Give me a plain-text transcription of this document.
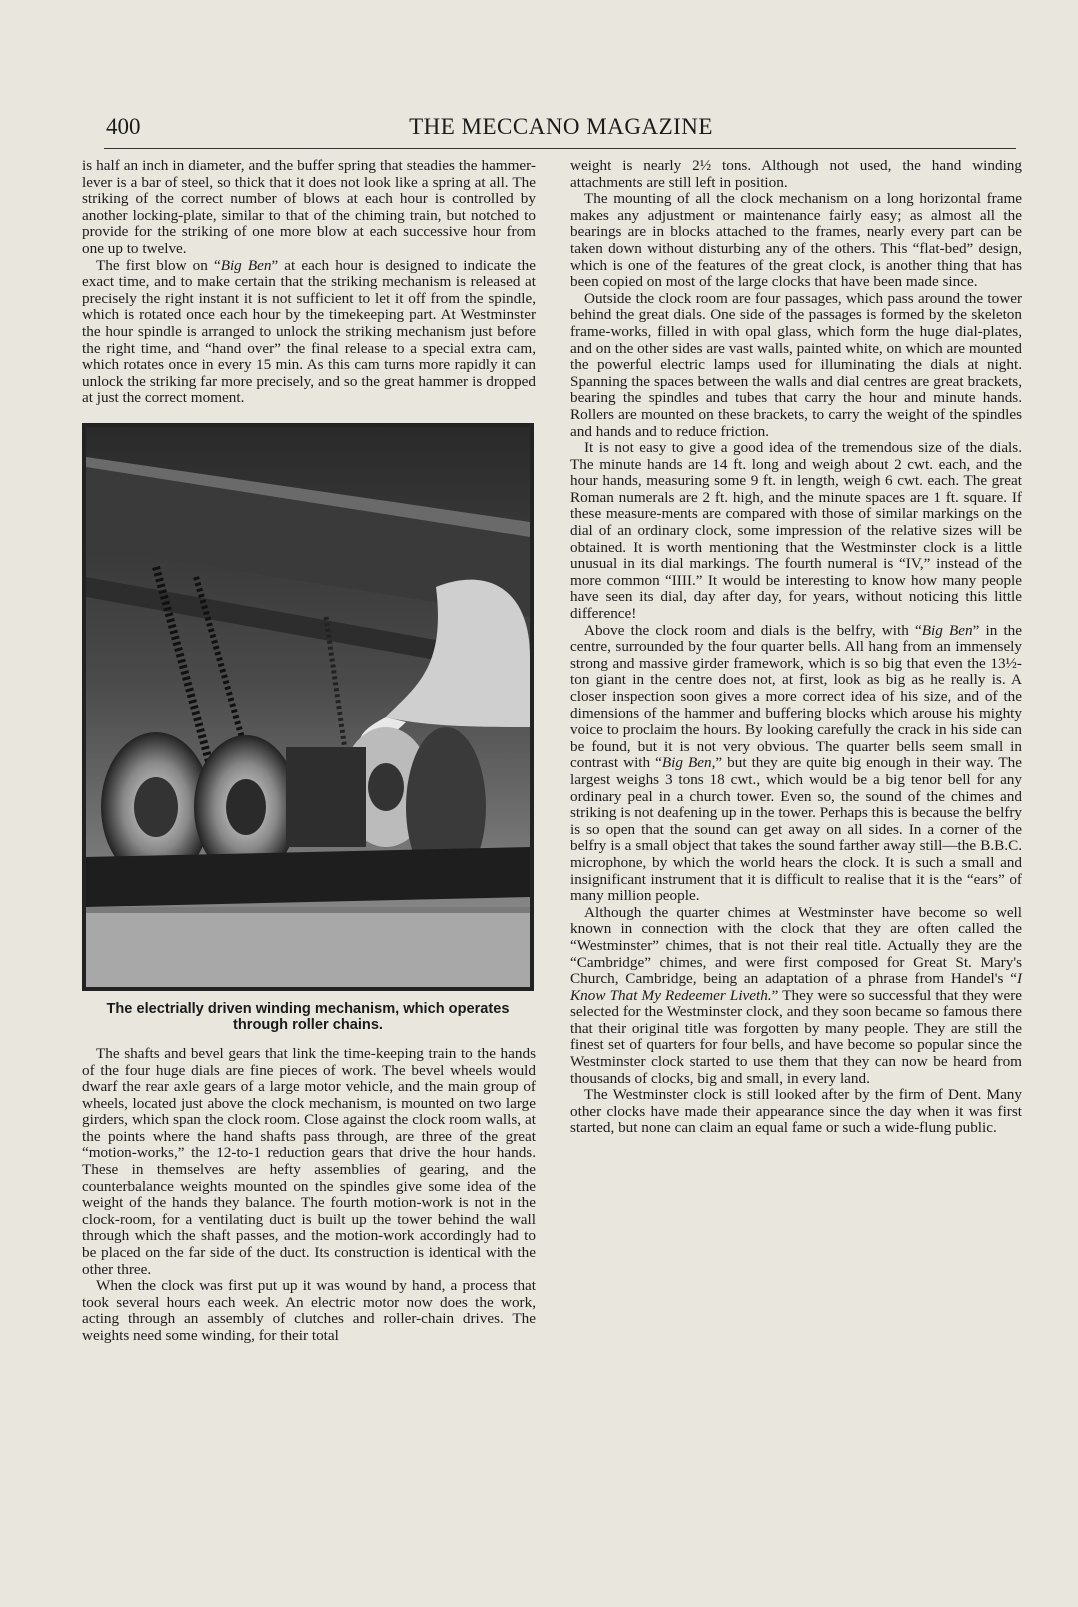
400	THE MECCANO MAGAZINE

is half an inch in diameter, and the buffer spring that steadies the hammer-lever is a bar of steel, so thick that it does not look like a spring at all. The striking of the correct number of blows at each hour is controlled by another locking-plate, similar to that of the chiming train, but notched to provide for the striking of one more blow at each successive hour from one up to twelve.

The first blow on “Big Ben” at each hour is designed to indicate the exact time, and to make certain that the striking mechanism is released at precisely the right instant it is not sufficient to let it off from the spindle, which is rotated once each hour by the timekeeping part. At Westminster the hour spindle is arranged to unlock the striking mechanism just before the right time, and “hand over” the final release to a special extra cam, which rotates once in every 15 min. As this cam turns more rapidly it can unlock the striking far more precisely, and so the great hammer is dropped at just the correct moment.

The electrially driven winding mechanism, which operates through roller chains.

The shafts and bevel gears that link the time-keeping train to the hands of the four huge dials are fine pieces of work. The bevel wheels would dwarf the rear axle gears of a large motor vehicle, and the main group of wheels, located just above the clock mechanism, is mounted on two large girders, which span the clock room. Close against the clock room walls, at the points where the hand shafts pass through, are three of the great “motion-works,” the 12-to-1 reduction gears that drive the hour hands. These in themselves are hefty assemblies of gearing, and the counterbalance weights mounted on the spindles give some idea of the weight of the hands they balance. The fourth motion-work is not in the clock-room, for a ventilating duct is built up the tower behind the wall through which the shaft passes, and the motion-work accordingly had to be placed on the far side of the duct. Its construction is identical with the other three.

When the clock was first put up it was wound by hand, a process that took several hours each week. An electric motor now does the work, acting through an assembly of clutches and roller-chain drives. The weights need some winding, for their total

weight is nearly 2½ tons. Although not used, the hand winding attachments are still left in position.

The mounting of all the clock mechanism on a long horizontal frame makes any adjustment or maintenance fairly easy; as almost all the bearings are in blocks attached to the frames, nearly every part can be taken down without disturbing any of the others. This “flat-bed” design, which is one of the features of the great clock, is another thing that has been copied on most of the large clocks that have been made since.

Outside the clock room are four passages, which pass around the tower behind the great dials. One side of the passages is formed by the skeleton frame-works, filled in with opal glass, which form the huge dial-plates, and on the other sides are vast walls, painted white, on which are mounted the powerful electric lamps used for illuminating the dials at night. Spanning the spaces between the walls and dial centres are great brackets, bearing the spindles and tubes that carry the hour and minute hands. Rollers are mounted on these brackets, to carry the weight of the spindles and hands and to reduce friction.

It is not easy to give a good idea of the tremendous size of the dials. The minute hands are 14 ft. long and weigh about 2 cwt. each, and the hour hands, measuring some 9 ft. in length, weigh 6 cwt. each. The great Roman numerals are 2 ft. high, and the minute spaces are 1 ft. square. If these measure-ments are compared with those of similar markings on the dial of an ordinary clock, some impression of the relative sizes will be obtained. It is worth mentioning that the Westminster clock is a little unusual in its dial markings. The fourth numeral is “IV,” instead of the more common “IIII.” It would be interesting to know how many people have seen its dial, day after day, for years, without noticing this little difference!

Above the clock room and dials is the belfry, with “Big Ben” in the centre, surrounded by the four quarter bells. All hang from an immensely strong and massive girder framework, which is so big that even the 13½-ton giant in the centre does not, at first, look as big as he really is. A closer inspection soon gives a more correct idea of his size, and of the dimensions of the hammer and buffering blocks which arouse his mighty voice to proclaim the hours. By looking carefully the crack in his side can be found, but it is not very obvious. The quarter bells seem small in contrast with “Big Ben,” but they are quite big enough in their way. The largest weighs 3 tons 18 cwt., which would be a big tenor bell for any ordinary peal in a church tower. Even so, the sound of the chimes and striking is not deafening up in the tower. Perhaps this is because the belfry is so open that the sound can get away on all sides. In a corner of the belfry is a small object that takes the sound farther away still—the B.B.C. microphone, by which the world hears the clock. It is such a small and insignificant instrument that it is difficult to realise that it is the “ears” of many million people.

Although the quarter chimes at Westminster have become so well known in connection with the clock that they are often called the “Westminster” chimes, that is not their real title. Actually they are the “Cambridge” chimes, and were first composed for Great St. Mary's Church, Cambridge, being an adaptation of a phrase from Handel's “I Know That My Redeemer Liveth.” They were so successful that they were selected for the Westminster clock, and they soon became so famous there that their original title was forgotten by many people. They are still the finest set of quarters for four bells, and have become so popular since the Westminster clock started to use them that they can now be heard from thousands of clocks, big and small, in every land.

The Westminster clock is still looked after by the firm of Dent. Many other clocks have made their appearance since the day when it was first started, but none can claim an equal fame or such a wide-flung public.
